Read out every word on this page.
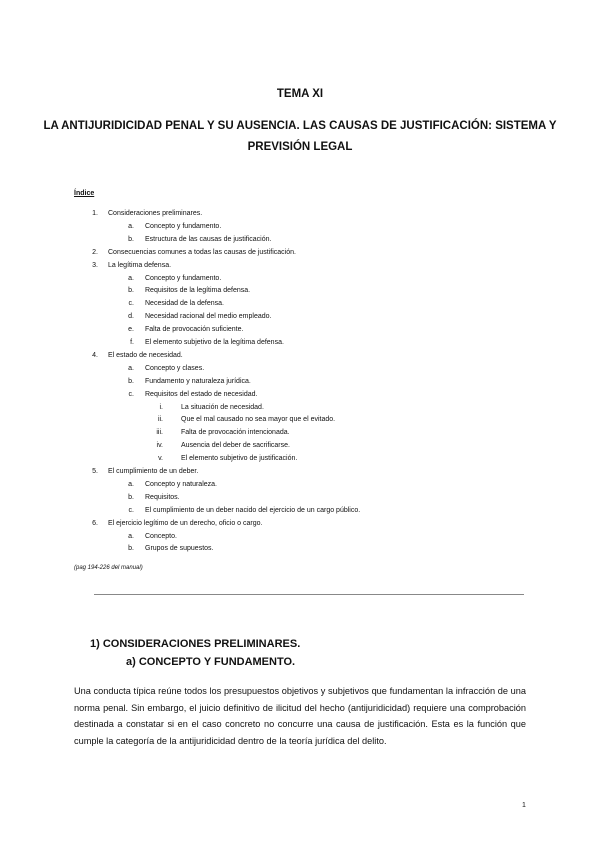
TEMA XI
LA ANTIJURIDICIDAD PENAL Y SU AUSENCIA. LAS CAUSAS DE JUSTIFICACIÓN: SISTEMA Y PREVISIÓN LEGAL
Índice
1. Consideraciones preliminares.
a. Concepto y fundamento.
b. Estructura de las causas de justificación.
2. Consecuencias comunes a todas las causas de justificación.
3. La legítima defensa.
a. Concepto y fundamento.
b. Requisitos de la legítima defensa.
c. Necesidad de la defensa.
d. Necesidad racional del medio empleado.
e. Falta de provocación suficiente.
f. El elemento subjetivo de la legítima defensa.
4. El estado de necesidad.
a. Concepto y clases.
b. Fundamento y naturaleza jurídica.
c. Requisitos del estado de necesidad.
i.	La situación de necesidad.
ii.	Que el mal causado no sea mayor que el evitado.
iii.	Falta de provocación intencionada.
iv.	Ausencia del deber de sacrificarse.
v.	El elemento subjetivo de justificación.
5. El cumplimiento de un deber.
a. Concepto y naturaleza.
b. Requisitos.
c. El cumplimiento de un deber nacido del ejercicio de un cargo público.
6. El ejercicio legítimo de un derecho, oficio o cargo.
a. Concepto.
b. Grupos de supuestos.
(pag 194-226 del manual)
1) CONSIDERACIONES PRELIMINARES.
a) CONCEPTO Y FUNDAMENTO.
Una conducta típica reúne todos los presupuestos objetivos y subjetivos que fundamentan la infracción de una norma penal. Sin embargo, el juicio definitivo de ilicitud del hecho (antijuridicidad) requiere una comprobación destinada a constatar si en el caso concreto no concurre una causa de justificación. Esta es la función que cumple la categoría de la antijuridicidad dentro de la teoría jurídica del delito.
1
